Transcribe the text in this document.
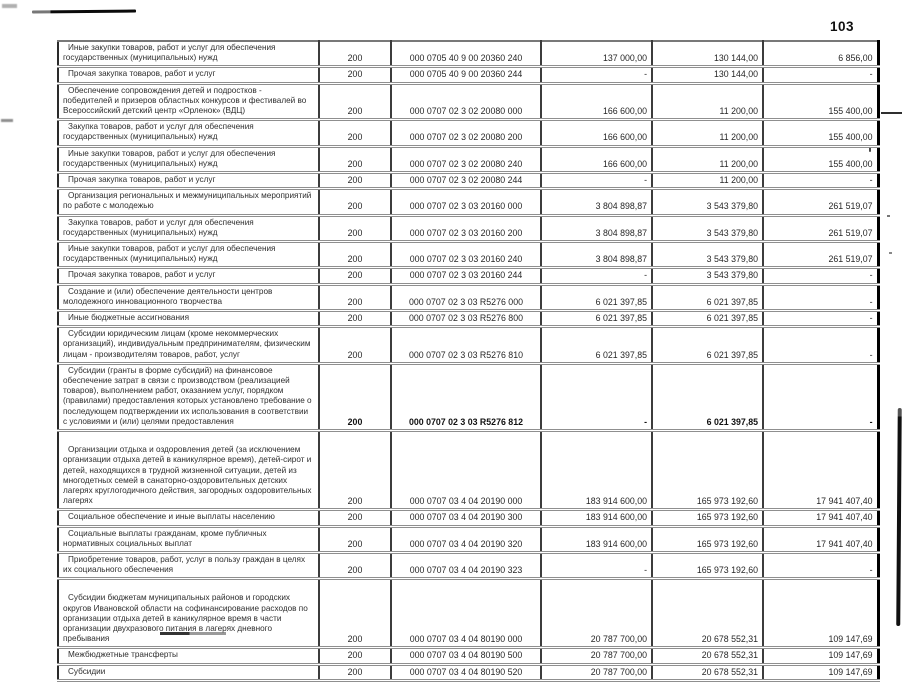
103
Иные закупки товаров, работ и услуг для обеспечения государственных (муниципальных) нужд	200	000 0705 40 9 00 20360 240	137 000,00	130 144,00	6 856,00
Прочая закупка товаров, работ и услуг	200	000 0705 40 9 00 20360 244	-	130 144,00	-
Обеспечение сопровождения детей и подростков - победителей и призеров областных конкурсов и фестивалей во Всероссийский детский центр «Орленок» (ВДЦ)	200	000 0707 02 3 02 20080 000	166 600,00	11 200,00	155 400,00
Закупка товаров, работ и услуг для обеспечения государственных (муниципальных) нужд	200	000 0707 02 3 02 20080 200	166 600,00	11 200,00	155 400,00
Иные закупки товаров, работ и услуг для обеспечения государственных (муниципальных) нужд	200	000 0707 02 3 02 20080 240	166 600,00	11 200,00	155 400,00
Прочая закупка товаров, работ и услуг	200	000 0707 02 3 02 20080 244	-	11 200,00	-
Организация региональных и межмуниципальных мероприятий по работе с молодежью	200	000 0707 02 3 03 20160 000	3 804 898,87	3 543 379,80	261 519,07
Закупка товаров, работ и услуг для обеспечения государственных (муниципальных) нужд	200	000 0707 02 3 03 20160 200	3 804 898,87	3 543 379,80	261 519,07
Иные закупки товаров, работ и услуг для обеспечения государственных (муниципальных) нужд	200	000 0707 02 3 03 20160 240	3 804 898,87	3 543 379,80	261 519,07
Прочая закупка товаров, работ и услуг	200	000 0707 02 3 03 20160 244	-	3 543 379,80	-
Создание и (или) обеспечение деятельности центров молодежного инновационного творчества	200	000 0707 02 3 03 R5276 000	6 021 397,85	6 021 397,85	-
Иные бюджетные ассигнования	200	000 0707 02 3 03 R5276 800	6 021 397,85	6 021 397,85	-
Субсидии юридическим лицам (кроме некоммерческих организаций), индивидуальным предпринимателям, физическим лицам - производителям товаров, работ, услуг	200	000 0707 02 3 03 R5276 810	6 021 397,85	6 021 397,85	-
Субсидии (гранты в форме субсидий) на финансовое обеспечение затрат в связи с производством (реализацией товаров), выполнением работ, оказанием услуг, порядком (правилами) предоставления которых установлено требование о последующем подтверждении их использования в соответствии с условиями и (или) целями предоставления	200	000 0707 02 3 03 R5276 812	-	6 021 397,85	-
Организации отдыха и оздоровления детей (за исключением организации отдыха детей в каникулярное время), детей-сирот и детей, находящихся в трудной жизненной ситуации, детей из многодетных семей в санаторно-оздоровительных детских лагерях круглогодичного действия, загородных оздоровительных лагерях	200	000 0707 03 4 04 20190 000	183 914 600,00	165 973 192,60	17 941 407,40
Социальное обеспечение и иные выплаты населению	200	000 0707 03 4 04 20190 300	183 914 600,00	165 973 192,60	17 941 407,40
Социальные выплаты гражданам, кроме публичных нормативных социальных выплат	200	000 0707 03 4 04 20190 320	183 914 600,00	165 973 192,60	17 941 407,40
Приобретение товаров, работ, услуг в пользу граждан в целях их социального обеспечения	200	000 0707 03 4 04 20190 323	-	165 973 192,60	-
Субсидии бюджетам муниципальных районов и городских округов Ивановской области на софинансирование расходов по организации отдыха детей в каникулярное время в части организации двухразового питания в лагерях дневного пребывания	200	000 0707 03 4 04 80190 000	20 787 700,00	20 678 552,31	109 147,69
Межбюджетные трансферты	200	000 0707 03 4 04 80190 500	20 787 700,00	20 678 552,31	109 147,69
Субсидии	200	000 0707 03 4 04 80190 520	20 787 700,00	20 678 552,31	109 147,69
